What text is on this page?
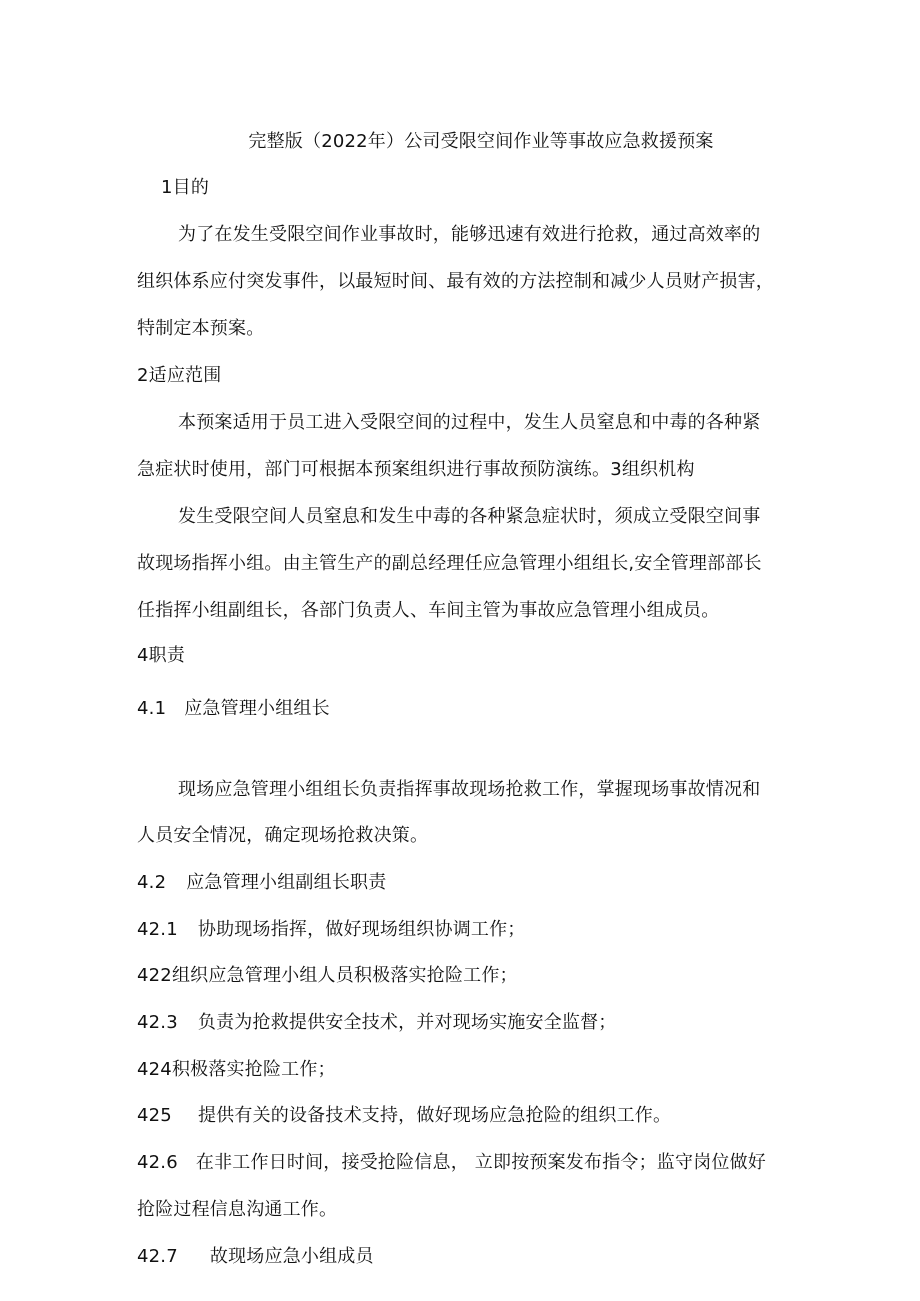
完整版（2022年）公司受限空间作业等事故应急救援预案
1目的
为了在发生受限空间作业事故时，能够迅速有效进行抢救，通过高效率的
组织体系应付突发事件，以最短时间、最有效的方法控制和减少人员财产损害，
特制定本预案。
2适应范围
本预案适用于员工进入受限空间的过程中，发生人员窒息和中毒的各种紧
急症状时使用，部门可根据本预案组织进行事故预防演练。3组织机构
发生受限空间人员窒息和发生中毒的各种紧急症状时，须成立受限空间事
故现场指挥小组。由主管生产的副总经理任应急管理小组组长,安全管理部部长
任指挥小组副组长，各部门负责人、车间主管为事故应急管理小组成员。
4职责
4.1 应急管理小组组长
现场应急管理小组组长负责指挥事故现场抢救工作，掌握现场事故情况和
人员安全情况，确定现场抢救决策。
4.2 应急管理小组副组长职责
42.1 协助现场指挥，做好现场组织协调工作；
422组织应急管理小组人员积极落实抢险工作；
42.3 负责为抢救提供安全技术，并对现场实施安全监督；
424积极落实抢险工作；
425 提供有关的设备技术支持，做好现场应急抢险的组织工作。
42.6 在非工作日时间，接受抢险信息， 立即按预案发布指令；监守岗位做好
抢险过程信息沟通工作。
42.7 故现场应急小组成员
